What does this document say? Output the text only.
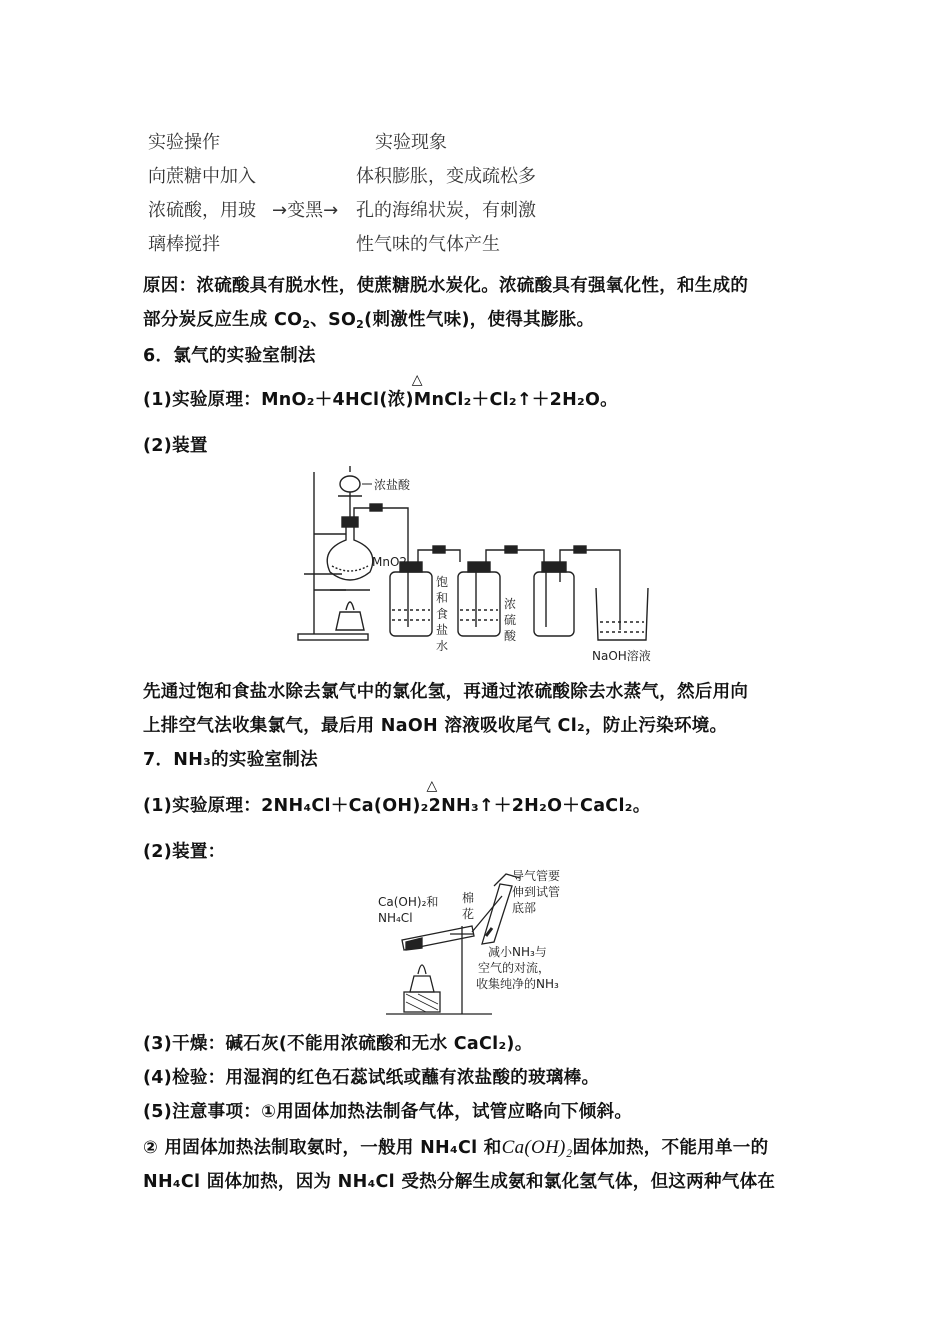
实验操作	实验现象
向蔗糖中加入
浓硫酸，用玻
璃棒搅拌
→变黑→
体积膨胀，变成疏松多
孔的海绵状炭，有刺激
性气味的气体产生
原因：浓硫酸具有脱水性，使蔗糖脱水炭化。浓硫酸具有强氧化性，和生成的
部分炭反应生成 $CO_2$、$SO_2$(刺激性气味)，使得其膨胀。
6．氯气的实验室制法
(1)实验原理：MnO₂＋4HCl(浓)
△
MnCl₂＋Cl₂↑＋2H₂O。
(2)装置
浓盐酸
MnO2
饱
和
食
盐
水
浓
硫
酸
NaOH溶液
先通过饱和食盐水除去氯气中的氯化氢，再通过浓硫酸除去水蒸气，然后用向
上排空气法收集氯气，最后用 NaOH 溶液吸收尾气 Cl₂，防止污染环境。
7．NH₃的实验室制法
(1)实验原理：2NH₄Cl＋Ca(OH)₂
△
2NH₃↑＋2H₂O＋CaCl₂。
(2)装置：
Ca(OH)₂和
NH₄Cl
棉
花
导气管要
伸到试管
底部
减小NH₃与
空气的对流，
收集纯净的NH₃
(3)干燥：碱石灰(不能用浓硫酸和无水 CaCl₂)。
(4)检验：用湿润的红色石蕊试纸或蘸有浓盐酸的玻璃棒。
(5)注意事项：①用固体加热法制备气体，试管应略向下倾斜。
② 用固体加热法制取氨时，一般用 NH₄Cl 和Ca(OH)₂固体加热，不能用单一的
NH₄Cl 固体加热，因为 NH₄Cl 受热分解生成氨和氯化氢气体，但这两种气体在
